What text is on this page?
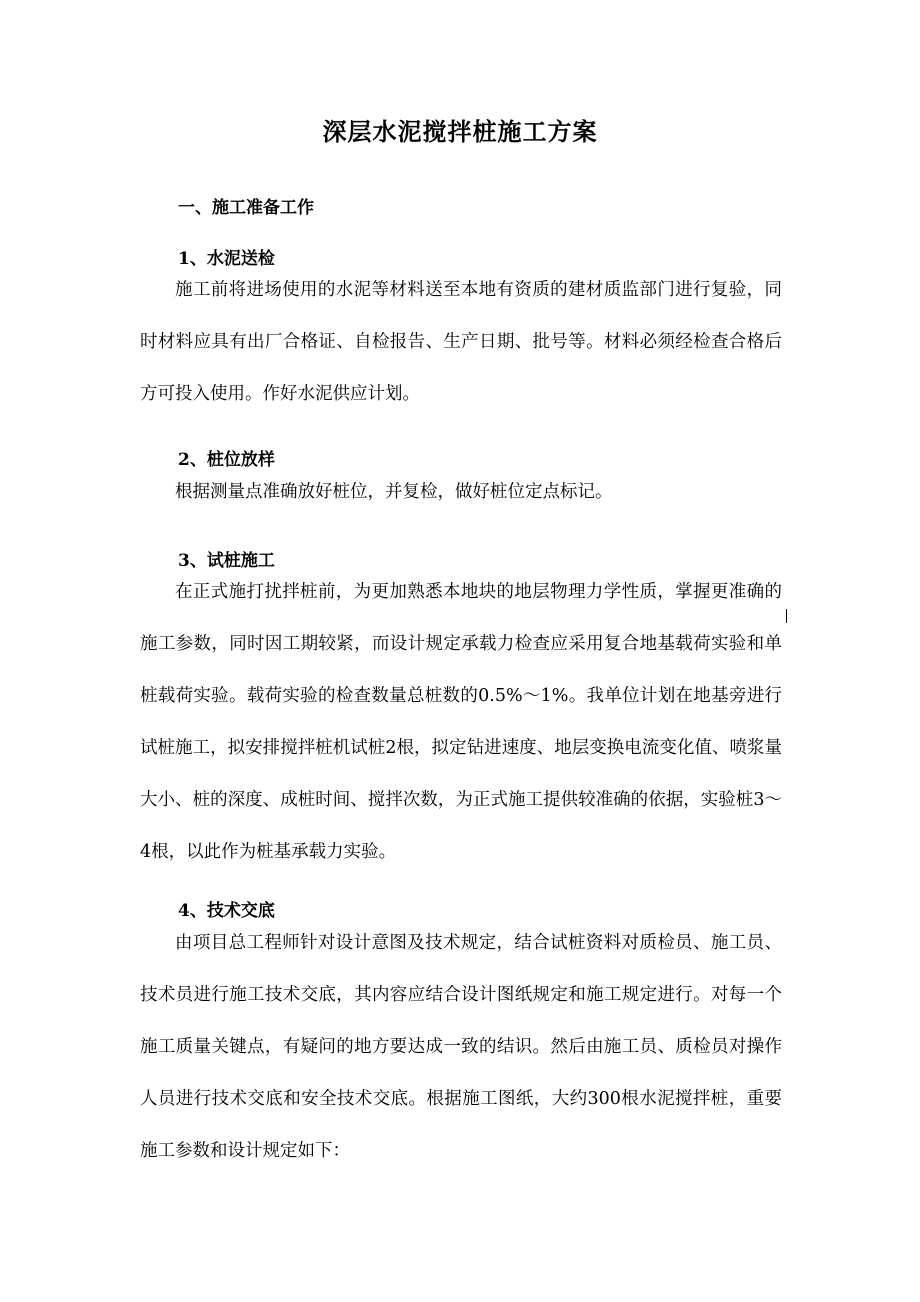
深层水泥搅拌桩施工方案
一、施工准备工作
1、水泥送检

施工前将进场使用的水泥等材料送至本地有资质的建材质监部门进行复验，同时材料应具有出厂合格证、自检报告、生产日期、批号等。材料必须经检查合格后方可投入使用。作好水泥供应计划。

2、桩位放样

根据测量点准确放好桩位，并复检，做好桩位定点标记。

3、试桩施工

在正式施打扰拌桩前，为更加熟悉本地块的地层物理力学性质，掌握更准确的施工参数，同时因工期较紧，而设计规定承载力检查应采用复合地基载荷实验和单桩载荷实验。载荷实验的检查数量总桩数的0.5%～1%。我单位计划在地基旁进行试桩施工，拟安排搅拌桩机试桩2根，拟定钻进速度、地层变换电流变化值、喷浆量大小、桩的深度、成桩时间、搅拌次数，为正式施工提供较准确的依据，实验桩3～4根，以此作为桩基承载力实验。

4、技术交底

由项目总工程师针对设计意图及技术规定，结合试桩资料对质检员、施工员、技术员进行施工技术交底，其内容应结合设计图纸规定和施工规定进行。对每一个施工质量关键点，有疑问的地方要达成一致的结识。然后由施工员、质检员对操作人员进行技术交底和安全技术交底。根据施工图纸，大约300根水泥搅拌桩，重要施工参数和设计规定如下：
